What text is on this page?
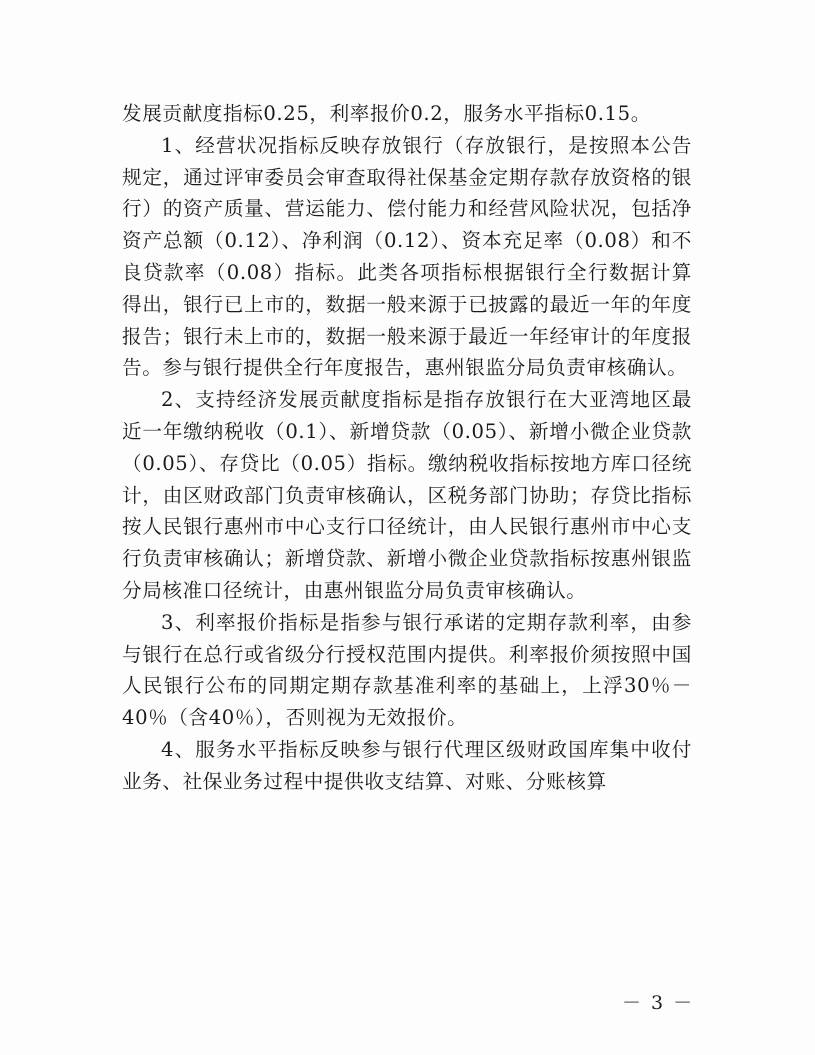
发展贡献度指标0.25，利率报价0.2，服务水平指标0.15。

1、经营状况指标反映存放银行（存放银行，是按照本公告规定，通过评审委员会审查取得社保基金定期存款存放资格的银行）的资产质量、营运能力、偿付能力和经营风险状况，包括净资产总额（0.12）、净利润（0.12）、资本充足率（0.08）和不良贷款率（0.08）指标。此类各项指标根据银行全行数据计算得出，银行已上市的，数据一般来源于已披露的最近一年的年度报告；银行未上市的，数据一般来源于最近一年经审计的年度报告。参与银行提供全行年度报告，惠州银监分局负责审核确认。

2、支持经济发展贡献度指标是指存放银行在大亚湾地区最近一年缴纳税收（0.1）、新增贷款（0.05）、新增小微企业贷款（0.05）、存贷比（0.05）指标。缴纳税收指标按地方库口径统计，由区财政部门负责审核确认，区税务部门协助；存贷比指标按人民银行惠州市中心支行口径统计，由人民银行惠州市中心支行负责审核确认；新增贷款、新增小微企业贷款指标按惠州银监分局核准口径统计，由惠州银监分局负责审核确认。

3、利率报价指标是指参与银行承诺的定期存款利率，由参与银行在总行或省级分行授权范围内提供。利率报价须按照中国人民银行公布的同期定期存款基准利率的基础上，上浮30％－40％（含40％），否则视为无效报价。

4、服务水平指标反映参与银行代理区级财政国库集中收付业务、社保业务过程中提供收支结算、对账、分账核算

－ 3 －
